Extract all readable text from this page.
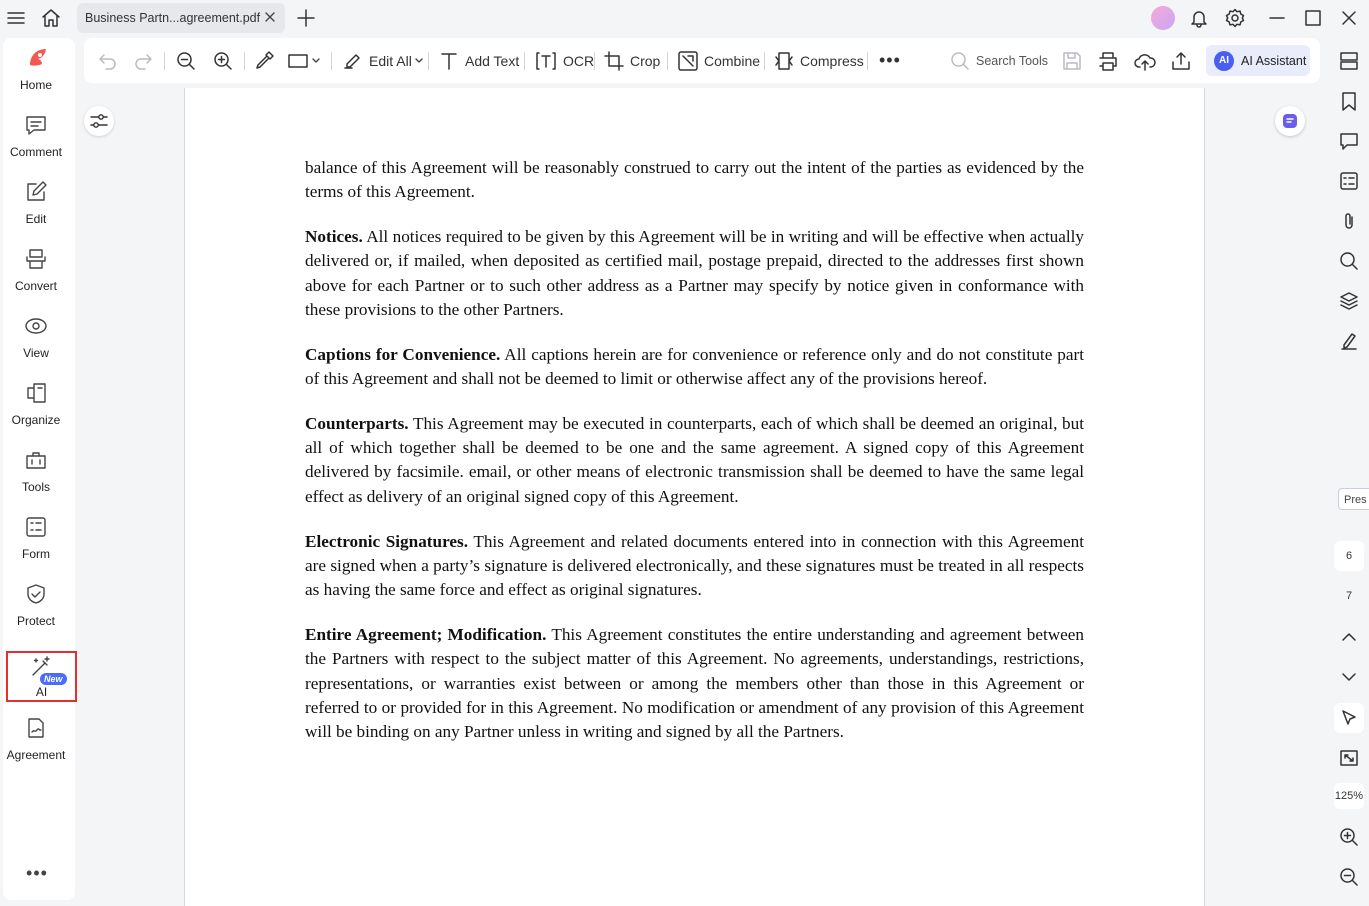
Business Partn...agreement.pdf
Home
Comment
Edit
Convert
View
Organize
Tools
Form
Protect
AI
Agreement
New
•••
Edit All	Add Text	OCR	Crop	Combine	Compress •••	Search Tools	AI AI Assistant

balance of this Agreement will be reasonably construed to carry out the intent of the parties as evidenced by the terms of this Agreement.

Notices. All notices required to be given by this Agreement will be in writing and will be effective when actually delivered or, if mailed, when deposited as certified mail, postage prepaid, directed to the addresses first shown above for each Partner or to such other address as a Partner may specify by notice given in conformance with these provisions to the other Partners.

Captions for Convenience. All captions herein are for convenience or reference only and do not constitute part of this Agreement and shall not be deemed to limit or otherwise affect any of the provisions hereof.

Counterparts. This Agreement may be executed in counterparts, each of which shall be deemed an original, but all of which together shall be deemed to be one and the same agreement. A signed copy of this Agreement delivered by facsimile. email, or other means of electronic transmission shall be deemed to have the same legal effect as delivery of an original signed copy of this Agreement.

Electronic Signatures. This Agreement and related documents entered into in connection with this Agreement are signed when a party’s signature is delivered electronically, and these signatures must be treated in all respects as having the same force and effect as original signatures.

Entire Agreement; Modification. This Agreement constitutes the entire understanding and agreement between the Partners with respect to the subject matter of this Agreement. No agreements, understandings, restrictions, representations, or warranties exist between or among the members other than those in this Agreement or referred to or provided for in this Agreement. No modification or amendment of any provision of this Agreement will be binding on any Partner unless in writing and signed by all the Partners.

Pres
6
7
125%
